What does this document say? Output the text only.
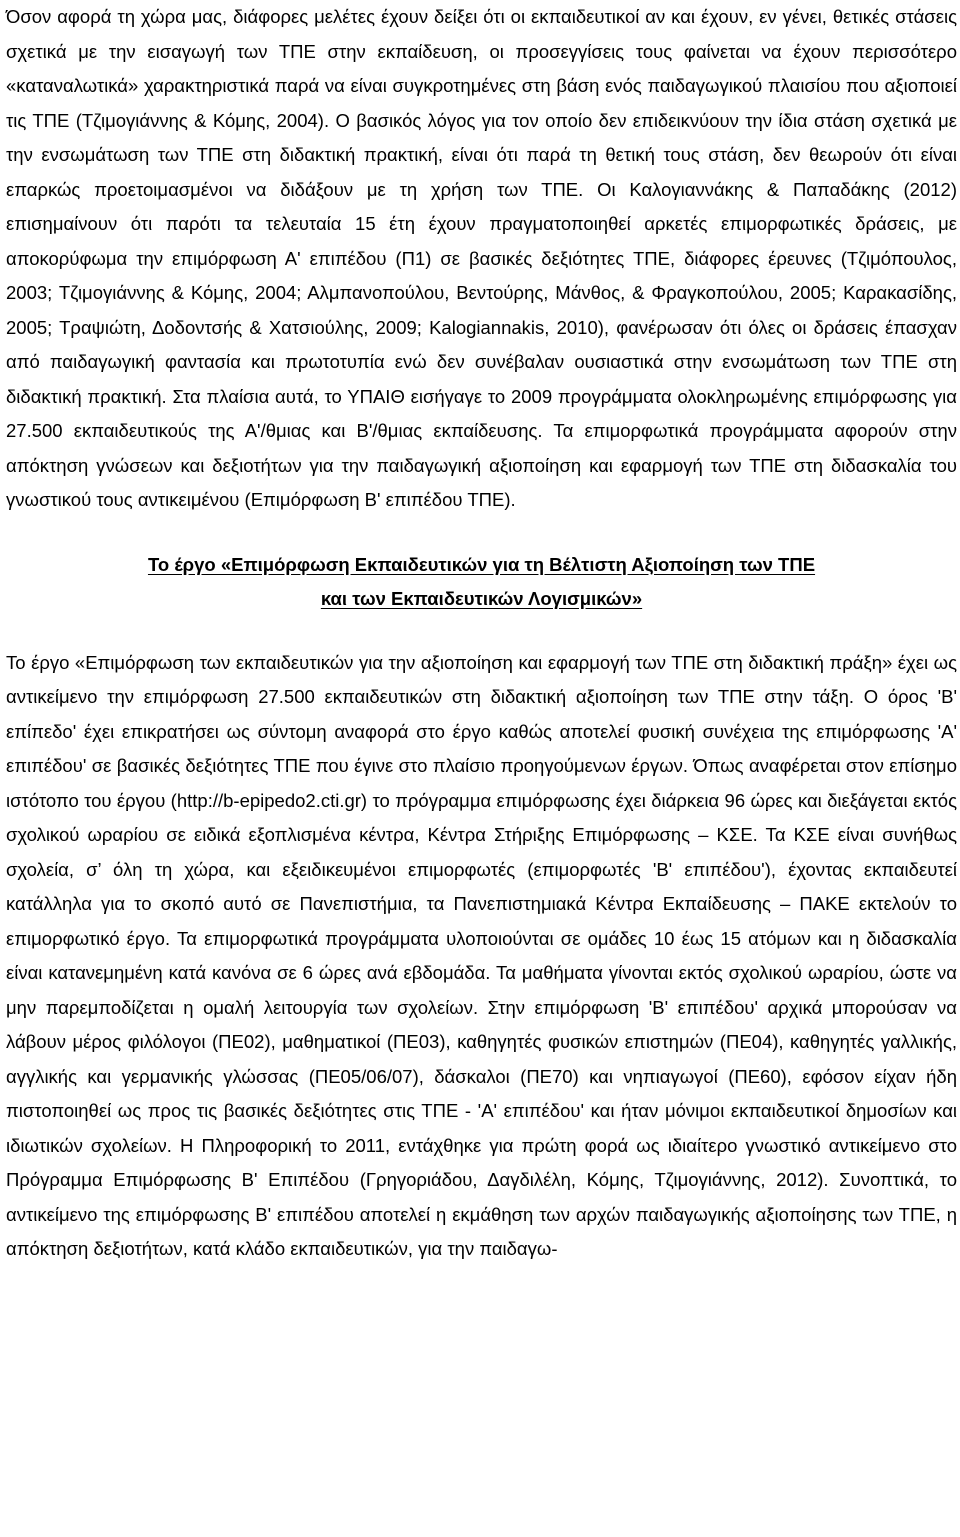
Όσον αφορά τη χώρα μας, διάφορες μελέτες έχουν δείξει ότι οι εκπαιδευτικοί αν και έχουν, εν γένει, θετικές στάσεις σχετικά με την εισαγωγή των ΤΠΕ στην εκπαίδευση, οι προσεγγίσεις τους φαίνεται να έχουν περισσότερο «καταναλωτικά» χαρακτηριστικά παρά να είναι συγκροτημένες στη βάση ενός παιδαγωγικού πλαισίου που αξιοποιεί τις ΤΠΕ (Τζιμογιάννης & Κόμης, 2004). Ο βασικός λόγος για τον οποίο δεν επιδεικνύουν την ίδια στάση σχετικά με την ενσωμάτωση των ΤΠΕ στη διδακτική πρακτική, είναι ότι παρά τη θετική τους στάση, δεν θεωρούν ότι είναι επαρκώς προετοιμασμένοι να διδάξουν με τη χρήση των ΤΠΕ. Οι Καλογιαννάκης & Παπαδάκης (2012) επισημαίνουν ότι παρότι τα τελευταία 15 έτη έχουν πραγματοποιηθεί αρκετές επιμορφωτικές δράσεις, με αποκορύφωμα την επιμόρφωση Α' επιπέδου (Π1) σε βασικές δεξιότητες ΤΠΕ, διάφορες έρευνες (Τζιμόπουλος, 2003; Τζιμογιάννης & Κόμης, 2004; Αλμπανοπούλου, Βεντούρης, Μάνθος, & Φραγκοπούλου, 2005; Καρακασίδης, 2005; Τραψιώτη, Δοδοντσής & Χατσιούλης, 2009; Kalogiannakis, 2010), φανέρωσαν ότι όλες οι δράσεις έπασχαν από παιδαγωγική φαντασία και πρωτοτυπία ενώ δεν συνέβαλαν ουσιαστικά στην ενσωμάτωση των ΤΠΕ στη διδακτική πρακτική. Στα πλαίσια αυτά, το ΥΠΑΙΘ εισήγαγε το 2009 προγράμματα ολοκληρωμένης επιμόρφωσης για 27.500 εκπαιδευτικούς της Α'/θμιας και Β'/θμιας εκπαίδευσης. Τα επιμορφωτικά προγράμματα αφορούν στην απόκτηση γνώσεων και δεξιοτήτων για την παιδαγωγική αξιοποίηση και εφαρμογή των ΤΠΕ στη διδασκαλία του γνωστικού τους αντικειμένου (Επιμόρφωση Β' επιπέδου ΤΠΕ).

Το έργο «Επιμόρφωση Εκπαιδευτικών για τη Βέλτιστη Αξιοποίηση των ΤΠΕ
και των Εκπαιδευτικών Λογισμικών»

Το έργο «Επιμόρφωση των εκπαιδευτικών για την αξιοποίηση και εφαρμογή των ΤΠΕ στη διδακτική πράξη» έχει ως αντικείμενο την επιμόρφωση 27.500 εκπαιδευτικών στη διδακτική αξιοποίηση των ΤΠΕ στην τάξη. Ο όρος 'Β' επίπεδο' έχει επικρατήσει ως σύντομη αναφορά στο έργο καθώς αποτελεί φυσική συνέχεια της επιμόρφωσης 'Α' επιπέδου' σε βασικές δεξιότητες ΤΠΕ που έγινε στο πλαίσιο προηγούμενων έργων. Όπως αναφέρεται στον επίσημο ιστότοπο του έργου (http://b-epipedo2.cti.gr) το πρόγραμμα επιμόρφωσης έχει διάρκεια 96 ώρες και διεξάγεται εκτός σχολικού ωραρίου σε ειδικά εξοπλισμένα κέντρα, Κέντρα Στήριξης Επιμόρφωσης – ΚΣΕ. Τα ΚΣΕ είναι συνήθως σχολεία, σ’ όλη τη χώρα, και εξειδικευμένοι επιμορφωτές (επιμορφωτές 'Β' επιπέδου'), έχοντας εκπαιδευτεί κατάλληλα για το σκοπό αυτό σε Πανεπιστήμια, τα Πανεπιστημιακά Κέντρα Εκπαίδευσης – ΠΑΚΕ εκτελούν το επιμορφωτικό έργο. Τα επιμορφωτικά προγράμματα υλοποιούνται σε ομάδες 10 έως 15 ατόμων και η διδασκαλία είναι κατανεμημένη κατά κανόνα σε 6 ώρες ανά εβδομάδα. Τα μαθήματα γίνονται εκτός σχολικού ωραρίου, ώστε να μην παρεμποδίζεται η ομαλή λειτουργία των σχολείων. Στην επιμόρφωση 'Β' επιπέδου' αρχικά μπορούσαν να λάβουν μέρος φιλόλογοι (ΠΕ02), μαθηματικοί (ΠΕ03), καθηγητές φυσικών επιστημών (ΠΕ04), καθηγητές γαλλικής, αγγλικής και γερμανικής γλώσσας (ΠΕ05/06/07), δάσκαλοι (ΠΕ70) και νηπιαγωγοί (ΠΕ60), εφόσον είχαν ήδη πιστοποιηθεί ως προς τις βασικές δεξιότητες στις ΤΠΕ - 'Α' επιπέδου' και ήταν μόνιμοι εκπαιδευτικοί δημοσίων και ιδιωτικών σχολείων. Η Πληροφορική το 2011, εντάχθηκε για πρώτη φορά ως ιδιαίτερο γνωστικό αντικείμενο στο Πρόγραμμα Επιμόρφωσης Β' Επιπέδου (Γρηγοριάδου, Δαγδιλέλη, Κόμης, Τζιμογιάννης, 2012). Συνοπτικά, το αντικείμενο της επιμόρφωσης Β' επιπέδου αποτελεί η εκμάθηση των αρχών παιδαγωγικής αξιοποίησης των ΤΠΕ, η απόκτηση δεξιοτήτων, κατά κλάδο εκπαιδευτικών, για την παιδαγω-
